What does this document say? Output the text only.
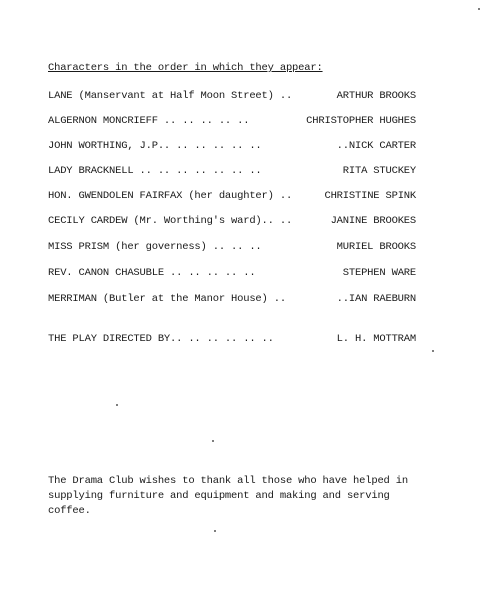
Characters in the order in which they appear:
LANE (Manservant at Half Moon Street) ..	ARTHUR BROOKS
ALGERNON MONCRIEFF .. .. .. .. ..	CHRISTOPHER HUGHES
JOHN WORTHING, J.P.. .. .. .. .. ..	..NICK CARTER
LADY BRACKNELL .. .. .. .. .. .. ..	RITA STUCKEY
HON. GWENDOLEN FAIRFAX (her daughter) ..	CHRISTINE SPINK
CECILY CARDEW (Mr. Worthing's ward).. ..	JANINE BROOKES
MISS PRISM (her governess) .. .. ..	MURIEL BROOKS
REV. CANON CHASUBLE .. .. .. .. ..	STEPHEN WARE
MERRIMAN (Butler at the Manor House) ..	..IAN RAEBURN
THE PLAY DIRECTED BY.. .. .. .. .. ..	L. H. MOTTRAM
The Drama Club wishes to thank all those who have helped in
supplying furniture and equipment and making and serving
coffee.
